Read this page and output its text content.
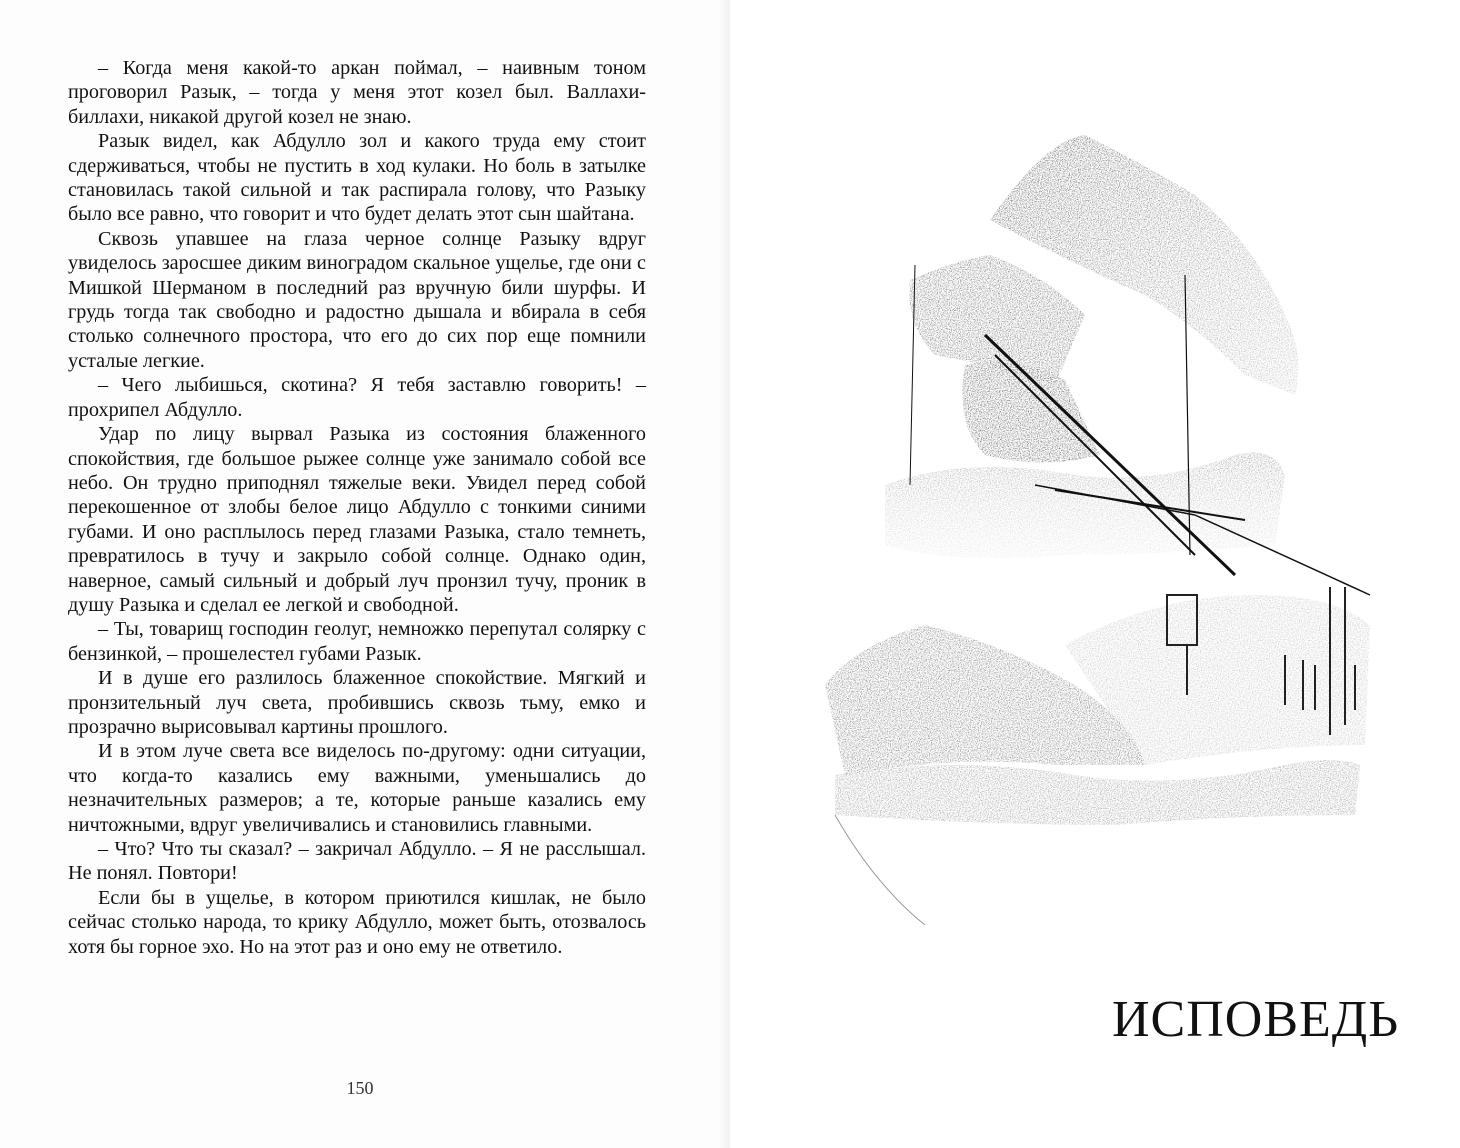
– Когда меня какой-то аркан поймал, – наивным тоном проговорил Разык, – тогда у меня этот козел был. Валлахи-биллахи, никакой другой козел не знаю.

Разык видел, как Абдулло зол и какого труда ему стоит сдерживаться, чтобы не пустить в ход кулаки. Но боль в затылке становилась такой сильной и так распирала голову, что Разыку было все равно, что говорит и что будет делать этот сын шайтана.

Сквозь упавшее на глаза черное солнце Разыку вдруг увиделось заросшее диким виноградом скальное ущелье, где они с Мишкой Шерманом в последний раз вручную били шурфы. И грудь тогда так свободно и радостно дышала и вбирала в себя столько солнечного простора, что его до сих пор еще помнили усталые легкие.

– Чего лыбишься, скотина? Я тебя заставлю говорить! – прохрипел Абдулло.

Удар по лицу вырвал Разыка из состояния блаженного спокойствия, где большое рыжее солнце уже занимало собой все небо. Он трудно приподнял тяжелые веки. Увидел перед собой перекошенное от злобы белое лицо Абдулло с тонкими синими губами. И оно расплылось перед глазами Разыка, стало темнеть, превратилось в тучу и закрыло собой солнце. Однако один, наверное, самый сильный и добрый луч пронзил тучу, проник в душу Разыка и сделал ее легкой и свободной.

– Ты, товарищ господин геолуг, немножко перепутал солярку с бензинкой, – прошелестел губами Разык.

И в душе его разлилось блаженное спокойствие. Мягкий и пронзительный луч света, пробившись сквозь тьму, емко и прозрачно вырисовывал картины прошлого.

И в этом луче света все виделось по-другому: одни ситуации, что когда-то казались ему важными, уменьшались до незначительных размеров; а те, которые раньше казались ему ничтожными, вдруг увеличивались и становились главными.

– Что? Что ты сказал? – закричал Абдулло. – Я не расслышал. Не понял. Повтори!

Если бы в ущелье, в котором приютился кишлак, не было сейчас столько народа, то крику Абдулло, может быть, отозвалось хотя бы горное эхо. Но на этот раз и оно ему не ответило.

150
ИСПОВЕДЬ
